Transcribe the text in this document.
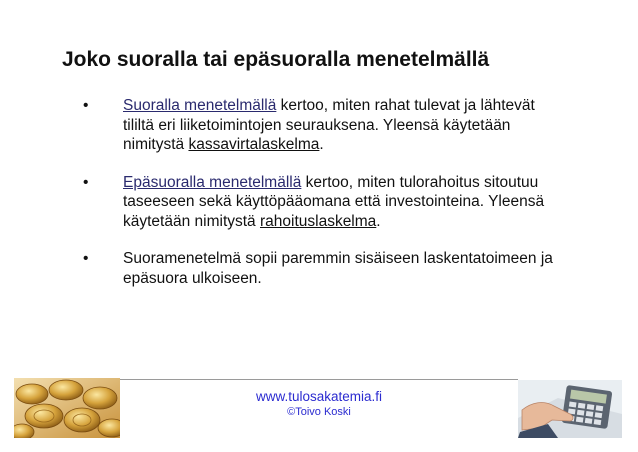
Joko suoralla tai epäsuoralla menetelmällä
•	Suoralla menetelmällä kertoo, miten rahat tulevat ja lähtevät tililtä eri liiketoimintojen seurauksena. Yleensä käytetään nimitystä kassavirtalaskelma.
•	Epäsuoralla menetelmällä kertoo, miten tulorahoitus sitoutuu taseeseen sekä käyttöpääomana että investointeina. Yleensä käytetään nimitystä rahoituslaskelma.
•	Suoramenetelmä sopii paremmin sisäiseen laskentatoimeen ja epäsuora ulkoiseen.
www.tulosakatemia.fi
©Toivo Koski
